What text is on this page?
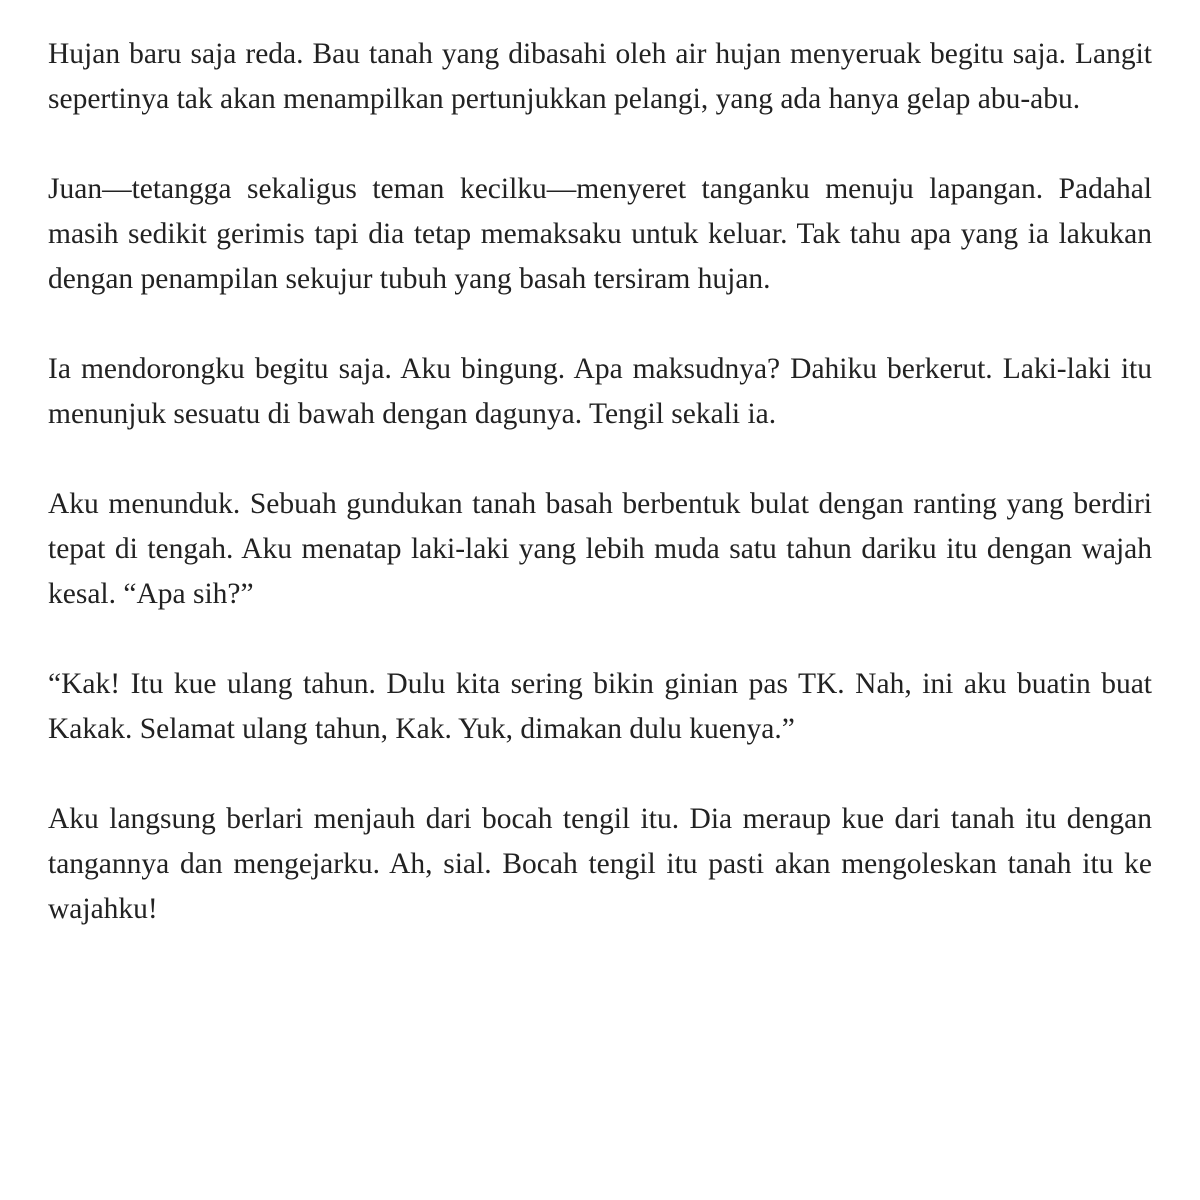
Hujan baru saja reda. Bau tanah yang dibasahi oleh air hujan menyeruak begitu saja. Langit sepertinya tak akan menampilkan pertunjukkan pelangi, yang ada hanya gelap abu-abu.

Juan—tetangga sekaligus teman kecilku—menyeret tanganku menuju lapangan. Padahal masih sedikit gerimis tapi dia tetap memaksaku untuk keluar. Tak tahu apa yang ia lakukan dengan penampilan sekujur tubuh yang basah tersiram hujan.

Ia mendorongku begitu saja. Aku bingung. Apa maksudnya? Dahiku berkerut. Laki-laki itu menunjuk sesuatu di bawah dengan dagunya. Tengil sekali ia.

Aku menunduk. Sebuah gundukan tanah basah berbentuk bulat dengan ranting yang berdiri tepat di tengah. Aku menatap laki-laki yang lebih muda satu tahun dariku itu dengan wajah kesal. “Apa sih?”

“Kak! Itu kue ulang tahun. Dulu kita sering bikin ginian pas TK. Nah, ini aku buatin buat Kakak. Selamat ulang tahun, Kak. Yuk, dimakan dulu kuenya.”

Aku langsung berlari menjauh dari bocah tengil itu. Dia meraup kue dari tanah itu dengan tangannya dan mengejarku. Ah, sial. Bocah tengil itu pasti akan mengoleskan tanah itu ke wajahku!
